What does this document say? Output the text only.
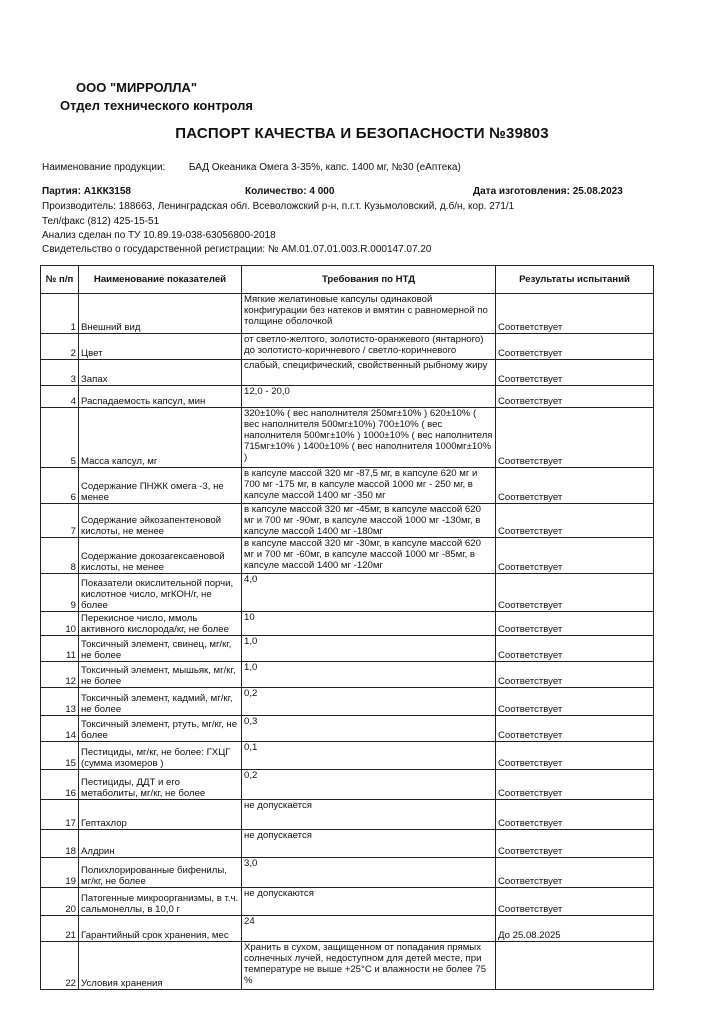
ООО "МИРРОЛЛА"
Отдел технического контроля
ПАСПОРТ КАЧЕСТВА И БЕЗОПАСНОСТИ №39803
Наименование продукции: БАД Океаника Омега 3-35%, капс. 1400 мг, №30 (еАптека)
Партия: А1КК3158	Количество: 4 000	Дата изготовления: 25.08.2023
Производитель: 188663, Ленинградская обл. Всеволожский р-н, п.г.т. Кузьмоловский, д.б/н, кор. 271/1
Тел/факс (812) 425-15-51
Анализ сделан по ТУ 10.89.19-038-63056800-2018
Свидетельство о государственной регистрации: № АМ.01.07.01.003.R.000147.07.20
№ п/п	Наименование показателей	Требования по НТД	Результаты испытаний
1	Внешний вид	Мягкие желатиновые капсулы одинаковой конфигурации без натеков и вмятин с равномерной по толщине оболочкой	Соответствует
2	Цвет	от светло-желтого, золотисто-оранжевого (янтарного) до золотисто-коричневого / светло-коричневого	Соответствует
3	Запах	слабый, специфический, свойственный рыбному жиру	Соответствует
4	Распадаемость капсул, мин	12,0 - 20,0	Соответствует
5	Масса капсул, мг	320±10% ( вес наполнителя 250мг±10% ) 620±10% ( вес наполнителя 500мг±10%) 700±10% ( вес наполнителя 500мг±10% ) 1000±10% ( вес наполнителя 715мг±10% ) 1400±10% ( вес наполнителя 1000мг±10% )	Соответствует
6	Содержание ПНЖК омега -3, не менее	в капсуле массой 320 мг -87,5 мг, в капсуле 620 мг и 700 мг -175 мг, в капсуле массой 1000 мг - 250 мг, в капсуле массой 1400 мг -350 мг	Соответствует
7	Содержание эйкозапентеновой кислоты, не менее	в капсуле массой 320 мг -45мг, в капсуле массой 620 мг и 700 мг -90мг, в капсуле массой 1000 мг -130мг, в капсуле массой 1400 мг -180мг	Соответствует
8	Содержание докозагексаеновой кислоты, не менее	в капсуле массой 320 мг -30мг, в капсуле массой 620 мг и 700 мг -60мг, в капсуле массой 1000 мг -85мг, в капсуле массой 1400 мг -120мг	Соответствует
9	Показатели окислительной порчи, кислотное число, мгКОН/г, не более	4,0	Соответствует
10	Перекисное число, ммоль активного кислорода/кг, не более	10	Соответствует
11	Токсичный элемент, свинец, мг/кг, не более	1,0	Соответствует
12	Токсичный элемент, мышьяк, мг/кг, не более	1,0	Соответствует
13	Токсичный элемент, кадмий, мг/кг, не более	0,2	Соответствует
14	Токсичный элемент, ртуть, мг/кг, не более	0,3	Соответствует
15	Пестициды, мг/кг, не более: ГХЦГ (сумма изомеров )	0,1	Соответствует
16	Пестициды, ДДТ и его метаболиты, мг/кг, не более	0,2	Соответствует
17	Гептахлор	не допускается	Соответствует
18	Алдрин	не допускается	Соответствует
19	Полихлорированные бифенилы, мг/кг, не более	3,0	Соответствует
20	Патогенные микроорганизмы, в т.ч. сальмонеллы, в 10,0 г	не допускаются	Соответствует
21	Гарантийный срок хранения, мес	24	До 25.08.2025
22	Условия хранения	Хранить в сухом, защищенном от попадания прямых солнечных лучей, недоступном для детей месте, при температуре не выше +25°С и влажности не более 75 %	
